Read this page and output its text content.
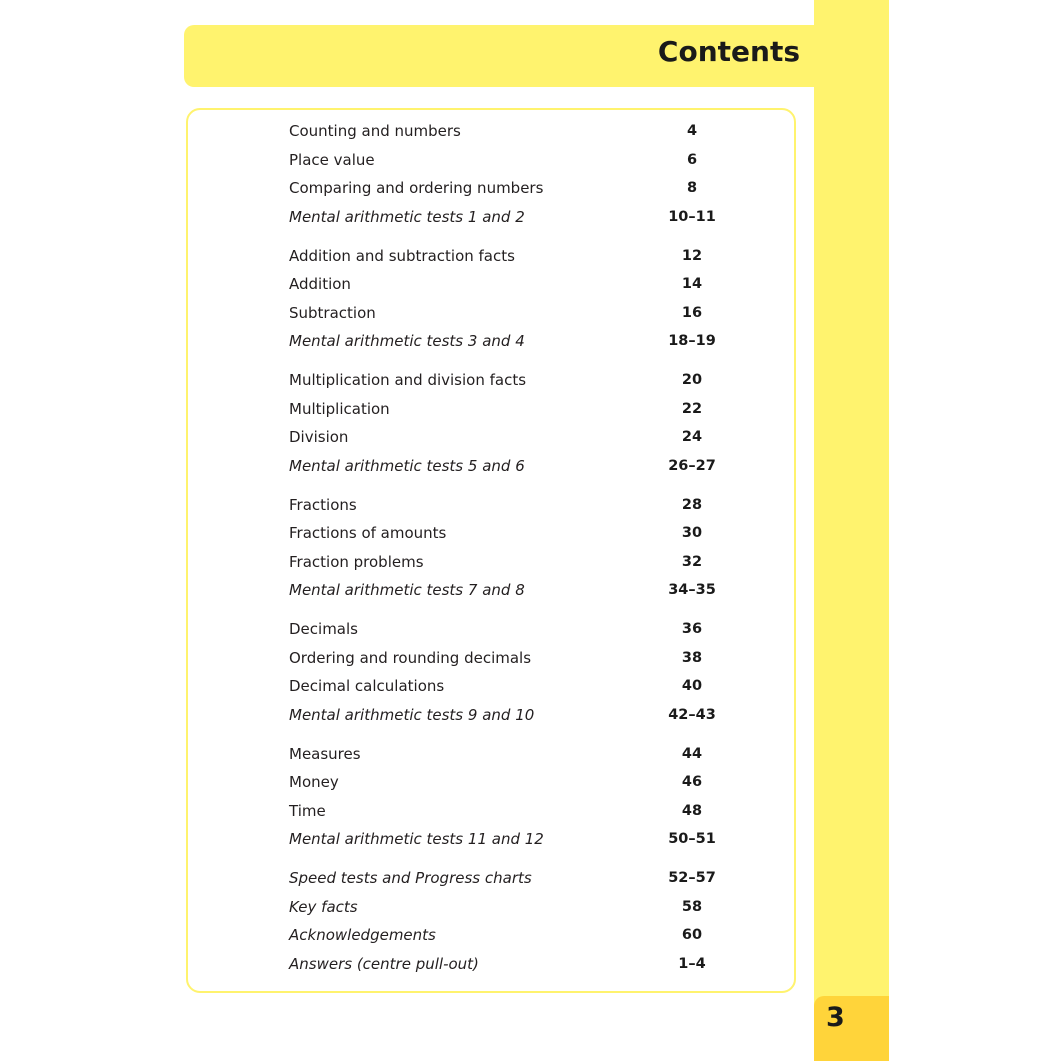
3
Contents
Counting and numbers	4
Place value	6
Comparing and ordering numbers	8
Mental arithmetic tests 1 and 2	10–11
Addition and subtraction facts	12
Addition	14
Subtraction	16
Mental arithmetic tests 3 and 4	18–19
Multiplication and division facts	20
Multiplication	22
Division	24
Mental arithmetic tests 5 and 6	26–27
Fractions	28
Fractions of amounts	30
Fraction problems	32
Mental arithmetic tests 7 and 8	34–35
Decimals	36
Ordering and rounding decimals	38
Decimal calculations	40
Mental arithmetic tests 9 and 10	42–43
Measures	44
Money	46
Time	48
Mental arithmetic tests 11 and 12	50–51
Speed tests and Progress charts	52–57
Key facts	58
Acknowledgements	60
Answers (centre pull-out)	1–4
